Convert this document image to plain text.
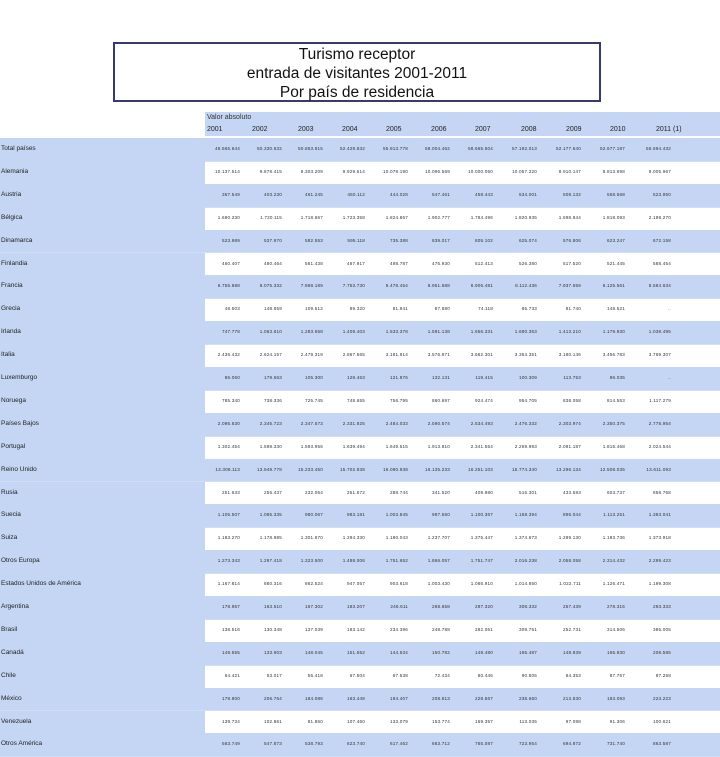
Turismo receptor
entrada de visitantes 2001-2011
Por país de residencia
Valor absoluto
2001	2002	2003	2004	2005	2006	2007	2008	2009	2010	2011 (1)
Total países	48.565.644	50.330.632	50.853.815	52.429.832	55.913.778	58.004.462	58.665.504	57.192.013	52.177.640	52.677.187	56.694.432
Alemania	10.137.514	9.878.415	9.303.209	9.929.514	10.078.190	10.096.569	10.000.050	10.057.220	8.910.147	8.813.698	9.005.967
Austria	367.549	403.230	461.245	450.112	444.028	547.461	458.443	534.001	509.132	558.568	523.950
Bélgica	1.690.230	1.720.115	1.718.667	1.723.358	1.824.867	1.902.777	1.784.496	1.820.935	1.698.844	1.818.093	2.198.270
Dinamarca	523.989	537.970	582.553	595.118	735.388	839.017	805.102	625.074	576.806	623.247	672.158
Finlandia	460.407	480.464	561.438	467.917	498.787	475.930	512.413	526.380	517.520	521.445	588.454
Francia	6.755.888	8.075.332	7.968.189	7.753.730	8.478.454	8.951.688	8.906.481	8.112.436	7.937.659	8.125.561	8.584.634
Grecia	48.503	148.659	109.512	89.320	81.941	87.880	74.118	85.733	81.740	148.521	..
Irlanda	747.778	1.063.610	1.283.658	1.409.403	1.533.378	1.591.138	1.656.331	1.680.353	1.413.210	1.179.930	1.038.495
Italia	2.435.432	2.624.157	2.479.319	2.867.565	3.181.814	3.576.871	3.662.301	3.354.351	3.180.146	3.456.783	3.769.307
Luxemburgo	86.060	179.663	105.300	128.463	121.876	132.131	119.415	100.309	113.753	86.035	..
Noruega	785.340	738.336	725.745	748.655	756.795	860.697	924.474	954.705	838.058	814.553	1.117.279
Países Bajos	2.095.630	2.345.723	2.347.573	2.331.825	2.484.033	2.590.574	2.534.493	2.476.332	2.303.974	2.350.375	2.778.954
Portugal	1.302.454	1.598.330	1.593.956	1.639.494	1.649.515	1.913.810	2.341.554	2.269.993	2.091.187	1.815.468	2.024.544
Reino Unido	13.308.113	13.949.778	15.233.450	15.702.838	16.090.938	16.135.233	16.251.103	15.774.340	13.296.134	12.508.035	13.611.093
Rusia	251.533	255.437	232.054	251.672	288.744	341.520	409.980	516.301	433.593	603.737	858.768
Suecia	1.105.507	1.085.335	980.067	983.181	1.003.845	987.550	1.100.367	1.158.394	896.044	1.113.251	1.383.041
Suiza	1.183.270	1.178.985	1.301.670	1.294.330	1.180.043	1.237.707	1.375.447	1.374.673	1.289.130	1.183.736	1.373.918
Otros Europa	1.273.343	1.297.418	1.323.500	1.488.006	1.751.652	1.866.057	1.751.747	2.016.238	2.058.058	2.314.432	2.299.423
Estados Unidos de América	1.167.814	880.316	862.524	947.057	903.618	1.003.430	1.066.910	1.014.850	1.022.711	1.126.471	1.199.308
Argentina	178.957	163.510	167.302	183.207	248.611	268.658	287.320	308.332	257.439	278.315	293.333
Brasil	138.516	130.348	137.039	183.142	234.396	248.788	282.061	309.751	252.731	314.506	385.005
Canadá	149.555	133.903	148.045	151.552	144.534	150.782	149.480	165.487	148.839	165.830	208.585
Chile	64.421	53.017	55.418	67.504	67.538	72.434	80.446	90.505	84.353	87.757	97.258
México	178.800	206.764	184.086	163.448	194.407	208.813	228.567	238.660	213.830	183.093	223.223
Venezuela	139.734	102.861	81.860	107.460	133.079	153.774	169.357	113.035	97.088	91.306	100.621
Otros América	563.749	547.873	538.793	623.740	617.462	663.712	765.087	723.954	694.872	731.740	863.587
